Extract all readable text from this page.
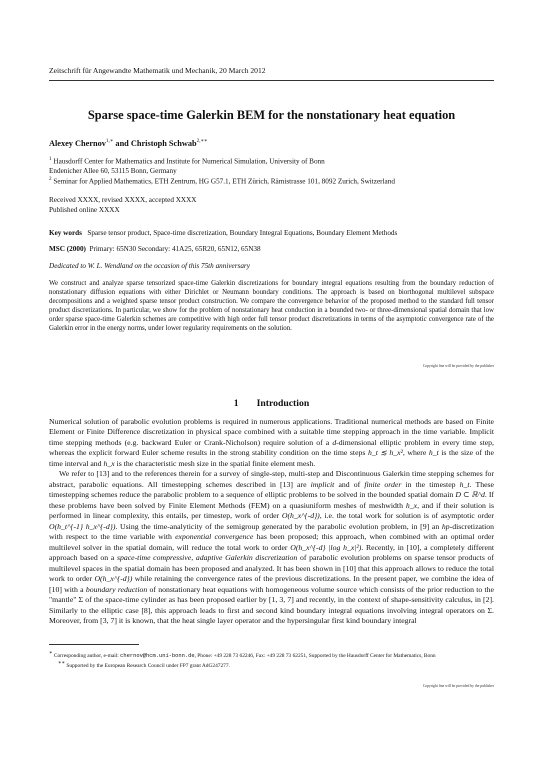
Zeitschrift für Angewandte Mathematik und Mechanik, 20 March 2012
Sparse space-time Galerkin BEM for the nonstationary heat equation
Alexey Chernov$^{1,∗}$ and Christoph Schwab$^{2,∗∗}$
$^1$ Hausdorff Center for Mathematics and Institute for Numerical Simulation, University of Bonn
Endenicher Allee 60, 53115 Bonn, Germany
$^2$ Seminar for Applied Mathematics, ETH Zentrum, HG G57.1, ETH Zürich, Rämistrasse 101, 8092 Zurich, Switzerland
Received XXXX, revised XXXX, accepted XXXX
Published online XXXX
Key words Sparse tensor product, Space-time discretization, Boundary Integral Equations, Boundary Element Methods
MSC (2000) Primary: 65N30 Secondary: 41A25, 65R20, 65N12, 65N38
Dedicated to W. L. Wendland on the occasion of this 75th anniversary
We construct and analyze sparse tensorized space-time Galerkin discretizations for boundary integral equations resulting from the boundary reduction of nonstationary diffusion equations with either Dirichlet or Neumann boundary conditions. The approach is based on biorthogonal multilevel subspace decompositions and a weighted sparse tensor product construction. We compare the convergence behavior of the proposed method to the standard full tensor product discretizations. In particular, we show for the problem of nonstationary heat conduction in a bounded two- or three-dimensional spatial domain that low order sparse space-time Galerkin schemes are competitive with high order full tensor product discretizations in terms of the asymptotic convergence rate of the Galerkin error in the energy norms, under lower regularity requirements on the solution.
Copyright line will be provided by the publisher
1 Introduction

Numerical solution of parabolic evolution problems is required in numerous applications. Traditional numerical methods are based on Finite Element or Finite Difference discretization in physical space combined with a suitable time stepping approach in the time variable. Implicit time stepping methods (e.g. backward Euler or Crank-Nicholson) require solution of a d-dimensional elliptic problem in every time step, whereas the explicit forward Euler scheme results in the strong stability condition on the time steps h_t ≲ h_x², where h_t is the size of the time interval and h_x is the characteristic mesh size in the spatial finite element mesh.

We refer to [13] and to the references therein for a survey of single-step, multi-step and Discontinuous Galerkin time stepping schemes for abstract, parabolic equations. All timestepping schemes described in [13] are implicit and of finite order in the timestep h_t. These timestepping schemes reduce the parabolic problem to a sequence of elliptic problems to be solved in the bounded spatial domain D ⊂ ℝ^d. If these problems have been solved by Finite Element Methods (FEM) on a quasiuniform meshes of meshwidth h_x, and if their solution is performed in linear complexity, this entails, per timestep, work of order O(h_x^{-d}), i.e. the total work for solution is of asymptotic order O(h_t^{-1} h_x^{-d}). Using the time-analyticity of the semigroup generated by the parabolic evolution problem, in [9] an hp-discretization with respect to the time variable with exponential convergence has been proposed; this approach, when combined with an optimal order multilevel solver in the spatial domain, will reduce the total work to order O(h_x^{-d} |log h_x|²). Recently, in [10], a completely different approach based on a space-time compressive, adaptive Galerkin discretization of parabolic evolution problems on sparse tensor products of multilevel spaces in the spatial domain has been proposed and analyzed. It has been shown in [10] that this approach allows to reduce the total work to order O(h_x^{-d}) while retaining the convergence rates of the previous discretizations. In the present paper, we combine the idea of [10] with a boundary reduction of nonstationary heat equations with homogeneous volume source which consists of the prior reduction to the "mantle" Σ of the space-time cylinder as has been proposed earlier by [1, 3, 7] and recently, in the context of shape-sensitivity calculus, in [2]. Similarly to the elliptic case [8], this approach leads to first and second kind boundary integral equations involving integral operators on Σ. Moreover, from [3, 7] it is known, that the heat single layer operator and the hypersingular first kind boundary integral

∗ Corresponding author, e-mail: chernov@hcm.uni-bonn.de, Phone: +49 228 73 62246, Fax: +49 228 73 62251, Supported by the Hausdorff Center for Mathematics, Bonn
∗∗ Supported by the European Research Council under FP7 grant AdG247277.
Copyright line will be provided by the publisher
